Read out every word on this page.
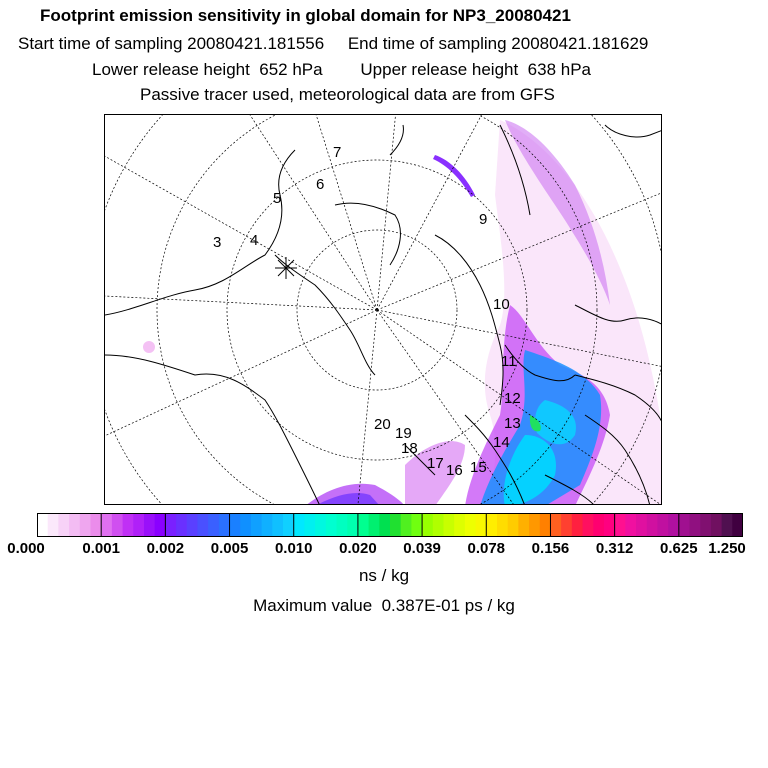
Footprint emission sensitivity in global domain for NP3_20080421
Start time of sampling 20080421.181556     End time of sampling 20080421.181629
Lower release height  652 hPa        Upper release height  638 hPa
Passive tracer used, meteorological data are from GFS
3 4
5
6
7
9
10
11
12
13
14
15
16
17
18
19
20
0.000	0.001 0.002 0.005 0.010 0.020 0.039 0.078 0.156 0.312 0.625 1.250
ns / kg
Maximum value  0.387E-01 ps / kg
